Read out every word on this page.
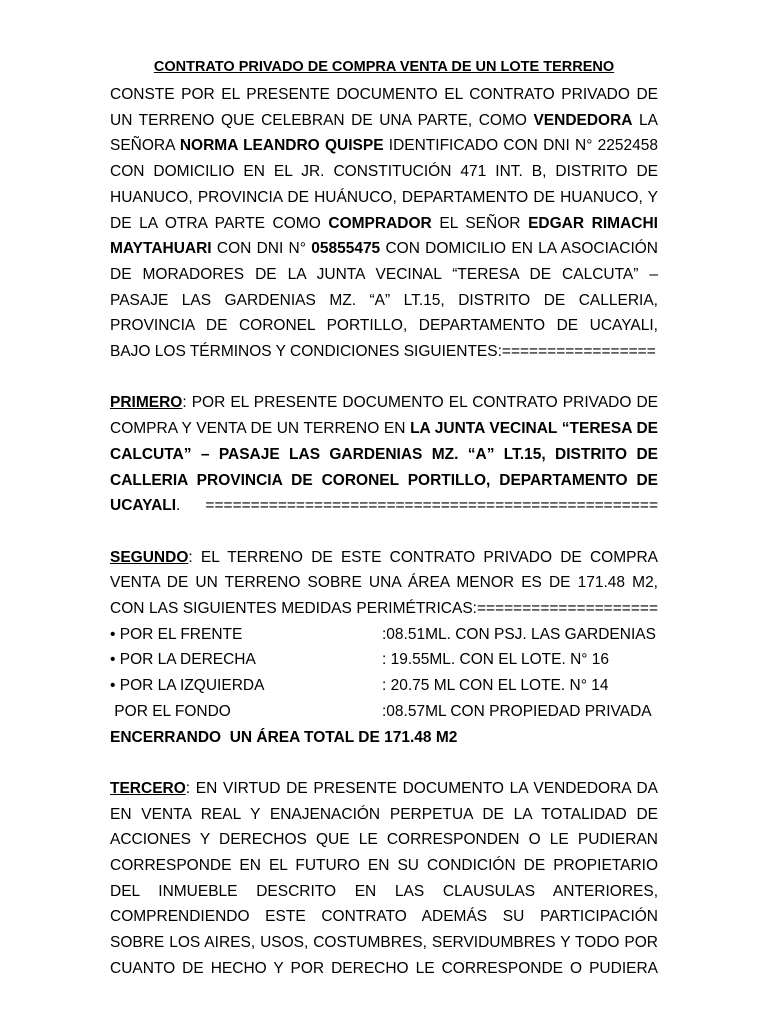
CONTRATO PRIVADO DE COMPRA VENTA DE UN LOTE TERRENO

CONSTE POR EL PRESENTE DOCUMENTO EL CONTRATO PRIVADO DE UN TERRENO QUE CELEBRAN DE UNA PARTE, COMO VENDEDORA LA SEÑORA NORMA LEANDRO QUISPE IDENTIFICADO CON DNI N° 2252458 CON DOMICILIO EN EL JR. CONSTITUCIÓN 471 INT. B, DISTRITO DE HUANUCO, PROVINCIA DE HUÁNUCO, DEPARTAMENTO DE HUANUCO, Y DE LA OTRA PARTE COMO COMPRADOR EL SEÑOR EDGAR RIMACHI MAYTAHUARI CON DNI N° 05855475 CON DOMICILIO EN LA ASOCIACIÓN DE MORADORES DE LA JUNTA VECINAL “TERESA DE CALCUTA” – PASAJE LAS GARDENIAS MZ. “A” LT.15, DISTRITO DE CALLERIA, PROVINCIA DE CORONEL PORTILLO, DEPARTAMENTO DE UCAYALI, BAJO LOS TÉRMINOS Y CONDICIONES SIGUIENTES:=================

PRIMERO: POR EL PRESENTE DOCUMENTO EL CONTRATO PRIVADO DE COMPRA Y VENTA DE UN TERRENO EN LA JUNTA VECINAL “TERESA DE CALCUTA” – PASAJE LAS GARDENIAS MZ. “A” LT.15, DISTRITO DE CALLERIA PROVINCIA DE CORONEL PORTILLO, DEPARTAMENTO DE UCAYALI. ==================================================

SEGUNDO: EL TERRENO DE ESTE CONTRATO PRIVADO DE COMPRA VENTA DE UN TERRENO SOBRE UNA ÁREA MENOR ES DE 171.48 M2, CON LAS SIGUIENTES MEDIDAS PERIMÉTRICAS:====================

• POR EL FRENTE	:08.51ML. CON PSJ. LAS GARDENIAS
• POR LA DERECHA	: 19.55ML. CON EL LOTE. N° 16
• POR LA IZQUIERDA	: 20.75 ML CON EL LOTE. N° 14
POR EL FONDO	:08.57ML CON PROPIEDAD PRIVADA

ENCERRANDO  UN ÁREA TOTAL DE 171.48 M2

TERCERO: EN VIRTUD DE PRESENTE DOCUMENTO LA VENDEDORA DA EN VENTA REAL Y ENAJENACIÓN PERPETUA DE LA TOTALIDAD DE ACCIONES Y DERECHOS QUE LE CORRESPONDEN O LE PUDIERAN CORRESPONDE EN EL FUTURO EN SU CONDICIÓN DE PROPIETARIO DEL INMUEBLE DESCRITO EN LAS CLAUSULAS ANTERIORES, COMPRENDIENDO ESTE CONTRATO ADEMÁS SU PARTICIPACIÓN SOBRE LOS AIRES, USOS, COSTUMBRES, SERVIDUMBRES Y TODO POR CUANTO DE HECHO Y POR DERECHO LE CORRESPONDE O PUDIERA
